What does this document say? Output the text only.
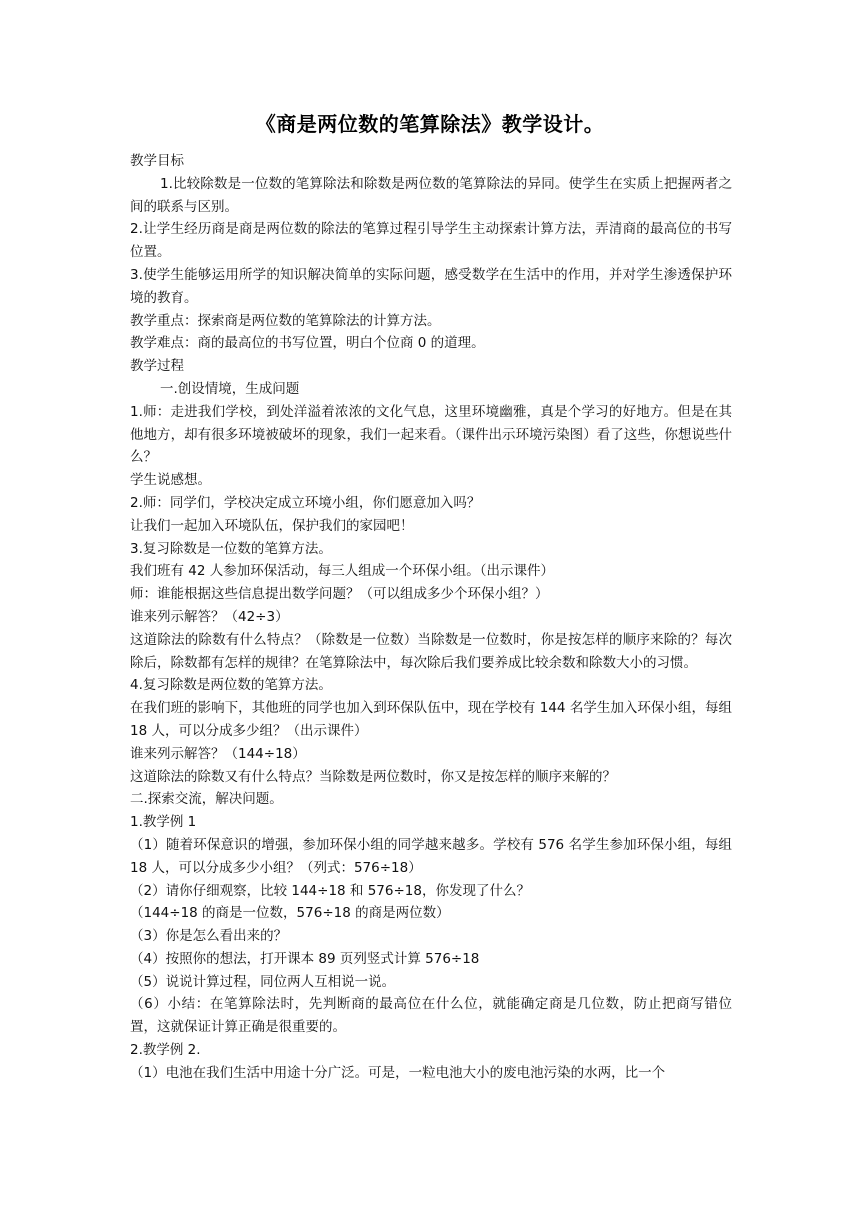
《商是两位数的笔算除法》教学设计。

教学目标

1.比较除数是一位数的笔算除法和除数是两位数的笔算除法的异同。使学生在实质上把握两者之间的联系与区别。

2.让学生经历商是商是两位数的除法的笔算过程引导学生主动探索计算方法，弄清商的最高位的书写位置。

3.使学生能够运用所学的知识解决简单的实际问题，感受数学在生活中的作用，并对学生渗透保护环境的教育。

教学重点：探索商是两位数的笔算除法的计算方法。

教学难点：商的最高位的书写位置，明白个位商 0 的道理。

教学过程

一.创设情境，生成问题

1.师：走进我们学校，到处洋溢着浓浓的文化气息，这里环境幽雅，真是个学习的好地方。但是在其他地方，却有很多环境被破坏的现象，我们一起来看。（课件出示环境污染图）看了这些，你想说些什么？

学生说感想。

2.师：同学们，学校决定成立环境小组，你们愿意加入吗？

让我们一起加入环境队伍，保护我们的家园吧！

3.复习除数是一位数的笔算方法。

我们班有 42 人参加环保活动，每三人组成一个环保小组。（出示课件）

师：谁能根据这些信息提出数学问题？（可以组成多少个环保小组？）

谁来列示解答？（42÷3）

这道除法的除数有什么特点？（除数是一位数）当除数是一位数时，你是按怎样的顺序来除的？每次除后，除数都有怎样的规律？在笔算除法中，每次除后我们要养成比较余数和除数大小的习惯。

4.复习除数是两位数的笔算方法。

在我们班的影响下，其他班的同学也加入到环保队伍中，现在学校有 144 名学生加入环保小组，每组 18 人，可以分成多少组？（出示课件）

谁来列示解答？（144÷18）

这道除法的除数又有什么特点？当除数是两位数时，你又是按怎样的顺序来解的？

二.探索交流，解决问题。

1.教学例 1

（1）随着环保意识的增强，参加环保小组的同学越来越多。学校有 576 名学生参加环保小组，每组 18 人，可以分成多少小组？（列式：576÷18）

（2）请你仔细观察，比较 144÷18 和 576÷18，你发现了什么？

（144÷18 的商是一位数，576÷18 的商是两位数）

（3）你是怎么看出来的？

（4）按照你的想法，打开课本 89 页列竖式计算 576÷18

（5）说说计算过程，同位两人互相说一说。

（6）小结：在笔算除法时，先判断商的最高位在什么位，就能确定商是几位数，防止把商写错位置，这就保证计算正确是很重要的。

2.教学例 2.

（1）电池在我们生活中用途十分广泛。可是，一粒电池大小的废电池污染的水两，比一个
